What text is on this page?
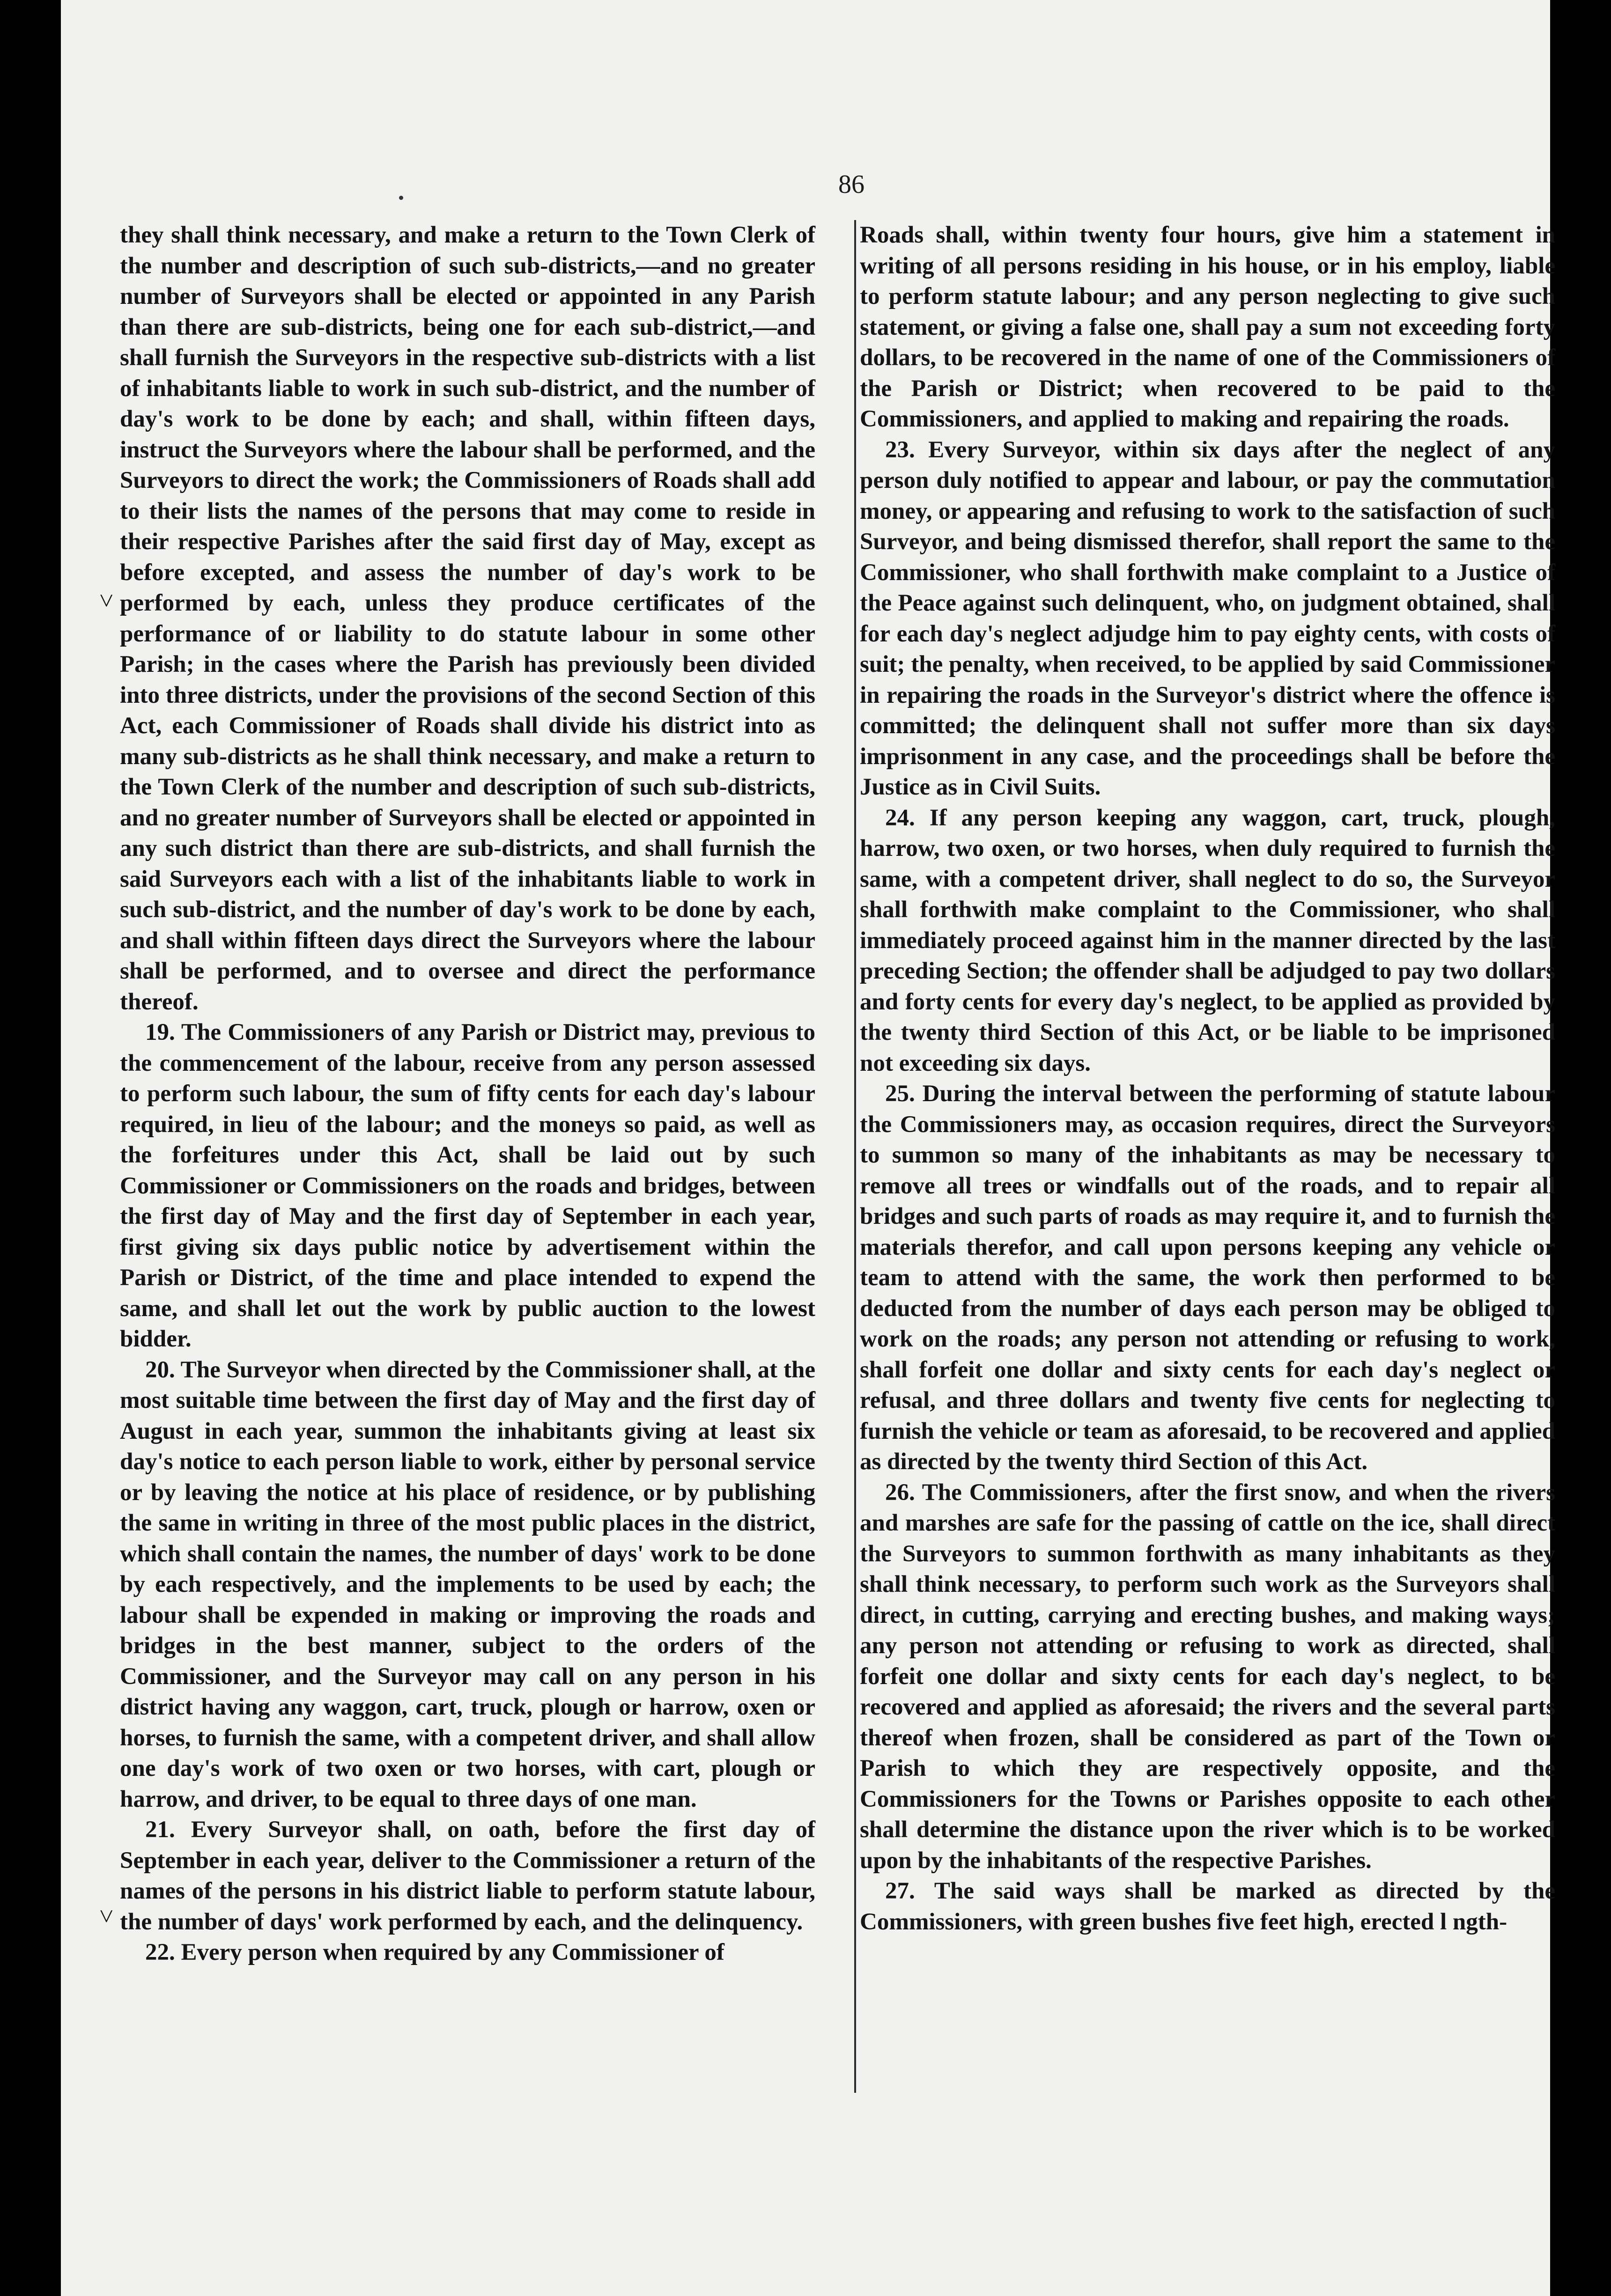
86
˅
˅

they shall think necessary, and make a return to the Town Clerk of the number and description of such sub-districts,—and no greater number of Surveyors shall be elected or appointed in any Parish than there are sub-districts, being one for each sub-district,—and shall furnish the Surveyors in the respective sub-districts with a list of inhabitants liable to work in such sub-district, and the number of day's work to be done by each; and shall, within fifteen days, instruct the Surveyors where the labour shall be performed, and the Surveyors to direct the work; the Commissioners of Roads shall add to their lists the names of the persons that may come to reside in their respective Parishes after the said first day of May, except as before excepted, and assess the number of day's work to be performed by each, unless they produce certificates of the performance of or liability to do statute labour in some other Parish; in the cases where the Parish has previously been divided into three districts, under the provisions of the second Section of this Act, each Commissioner of Roads shall divide his district into as many sub-districts as he shall think necessary, and make a return to the Town Clerk of the number and description of such sub-districts, and no greater number of Surveyors shall be elected or appointed in any such district than there are sub-districts, and shall furnish the said Surveyors each with a list of the inhabitants liable to work in such sub-district, and the number of day's work to be done by each, and shall within fifteen days direct the Surveyors where the labour shall be performed, and to oversee and direct the performance thereof.

19. The Commissioners of any Parish or District may, previous to the commencement of the labour, receive from any person assessed to perform such labour, the sum of fifty cents for each day's labour required, in lieu of the labour; and the moneys so paid, as well as the forfeitures under this Act, shall be laid out by such Commissioner or Commissioners on the roads and bridges, between the first day of May and the first day of September in each year, first giving six days public notice by advertisement within the Parish or District, of the time and place intended to expend the same, and shall let out the work by public auction to the lowest bidder.

20. The Surveyor when directed by the Commissioner shall, at the most suitable time between the first day of May and the first day of August in each year, summon the inhabitants giving at least six day's notice to each person liable to work, either by personal service or by leaving the notice at his place of residence, or by publishing the same in writing in three of the most public places in the district, which shall contain the names, the number of days' work to be done by each respectively, and the implements to be used by each; the labour shall be expended in making or improving the roads and bridges in the best manner, subject to the orders of the Commissioner, and the Surveyor may call on any person in his district having any waggon, cart, truck, plough or harrow, oxen or horses, to furnish the same, with a competent driver, and shall allow one day's work of two oxen or two horses, with cart, plough or harrow, and driver, to be equal to three days of one man.

21. Every Surveyor shall, on oath, before the first day of September in each year, deliver to the Commissioner a return of the names of the persons in his district liable to perform statute labour, the number of days' work performed by each, and the delinquency.

22. Every person when required by any Commissioner of

Roads shall, within twenty four hours, give him a statement in writing of all persons residing in his house, or in his employ, liable to perform statute labour; and any person neglecting to give such statement, or giving a false one, shall pay a sum not exceeding forty dollars, to be recovered in the name of one of the Commissioners of the Parish or District; when recovered to be paid to the Commissioners, and applied to making and repairing the roads.

23. Every Surveyor, within six days after the neglect of any person duly notified to appear and labour, or pay the commutation money, or appearing and refusing to work to the satisfaction of such Surveyor, and being dismissed therefor, shall report the same to the Commissioner, who shall forthwith make complaint to a Justice of the Peace against such delinquent, who, on judgment obtained, shall for each day's neglect adjudge him to pay eighty cents, with costs of suit; the penalty, when received, to be applied by said Commissioner in repairing the roads in the Surveyor's district where the offence is committed; the delinquent shall not suffer more than six days imprisonment in any case, and the proceedings shall be before the Justice as in Civil Suits.

24. If any person keeping any waggon, cart, truck, plough, harrow, two oxen, or two horses, when duly required to furnish the same, with a competent driver, shall neglect to do so, the Surveyor shall forthwith make complaint to the Commissioner, who shall immediately proceed against him in the manner directed by the last preceding Section; the offender shall be adjudged to pay two dollars and forty cents for every day's neglect, to be applied as provided by the twenty third Section of this Act, or be liable to be imprisoned not exceeding six days.

25. During the interval between the performing of statute labour the Commissioners may, as occasion requires, direct the Surveyors to summon so many of the inhabitants as may be necessary to remove all trees or windfalls out of the roads, and to repair all bridges and such parts of roads as may require it, and to furnish the materials therefor, and call upon persons keeping any vehicle or team to attend with the same, the work then performed to be deducted from the number of days each person may be obliged to work on the roads; any person not attending or refusing to work, shall forfeit one dollar and sixty cents for each day's neglect or refusal, and three dollars and twenty five cents for neglecting to furnish the vehicle or team as aforesaid, to be recovered and applied as directed by the twenty third Section of this Act.

26. The Commissioners, after the first snow, and when the rivers and marshes are safe for the passing of cattle on the ice, shall direct the Surveyors to summon forthwith as many inhabitants as they shall think necessary, to perform such work as the Surveyors shall direct, in cutting, carrying and erecting bushes, and making ways; any person not attending or refusing to work as directed, shall forfeit one dollar and sixty cents for each day's neglect, to be recovered and applied as aforesaid; the rivers and the several parts thereof when frozen, shall be considered as part of the Town or Parish to which they are respectively opposite, and the Commissioners for the Towns or Parishes opposite to each other shall determine the distance upon the river which is to be worked upon by the inhabitants of the respective Parishes.

27. The said ways shall be marked as directed by the Commissioners, with green bushes five feet high, erected l ngth-
